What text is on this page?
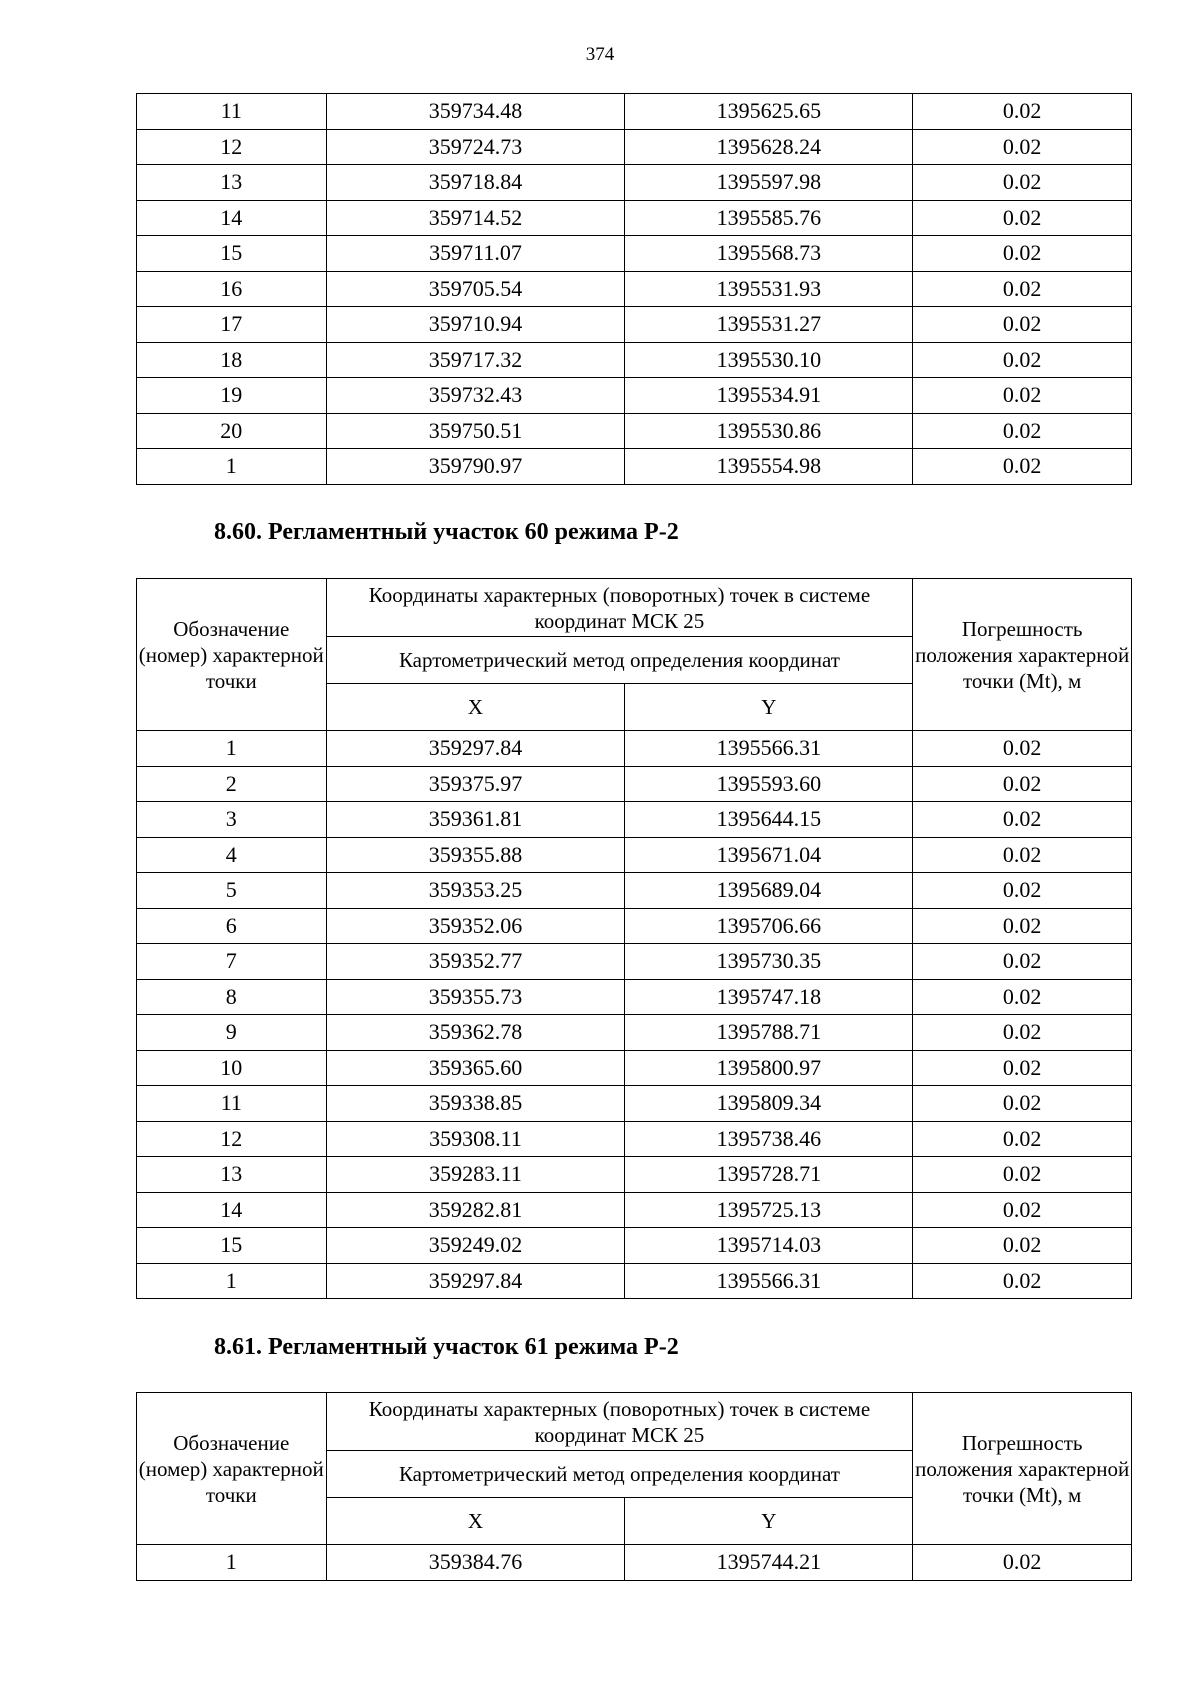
374
11	359734.48	1395625.65	0.02
12	359724.73	1395628.24	0.02
13	359718.84	1395597.98	0.02
14	359714.52	1395585.76	0.02
15	359711.07	1395568.73	0.02
16	359705.54	1395531.93	0.02
17	359710.94	1395531.27	0.02
18	359717.32	1395530.10	0.02
19	359732.43	1395534.91	0.02
20	359750.51	1395530.86	0.02
1	359790.97	1395554.98	0.02
8.60. Регламентный участок 60 режима Р-2
Обозначение (номер) характерной точки	Координаты характерных (поворотных) точек в системе координат МСК 25		Погрешность положения характерной точки (Mt), м
	Картометрический метод определения координат		
	X	Y	
1	359297.84	1395566.31	0.02
2	359375.97	1395593.60	0.02
3	359361.81	1395644.15	0.02
4	359355.88	1395671.04	0.02
5	359353.25	1395689.04	0.02
6	359352.06	1395706.66	0.02
7	359352.77	1395730.35	0.02
8	359355.73	1395747.18	0.02
9	359362.78	1395788.71	0.02
10	359365.60	1395800.97	0.02
11	359338.85	1395809.34	0.02
12	359308.11	1395738.46	0.02
13	359283.11	1395728.71	0.02
14	359282.81	1395725.13	0.02
15	359249.02	1395714.03	0.02
1	359297.84	1395566.31	0.02
8.61. Регламентный участок 61 режима Р-2
Обозначение (номер) характерной точки	Координаты характерных (поворотных) точек в системе координат МСК 25		Погрешность положения характерной точки (Mt), м
	Картометрический метод определения координат		
	X	Y	
1	359384.76	1395744.21	0.02
